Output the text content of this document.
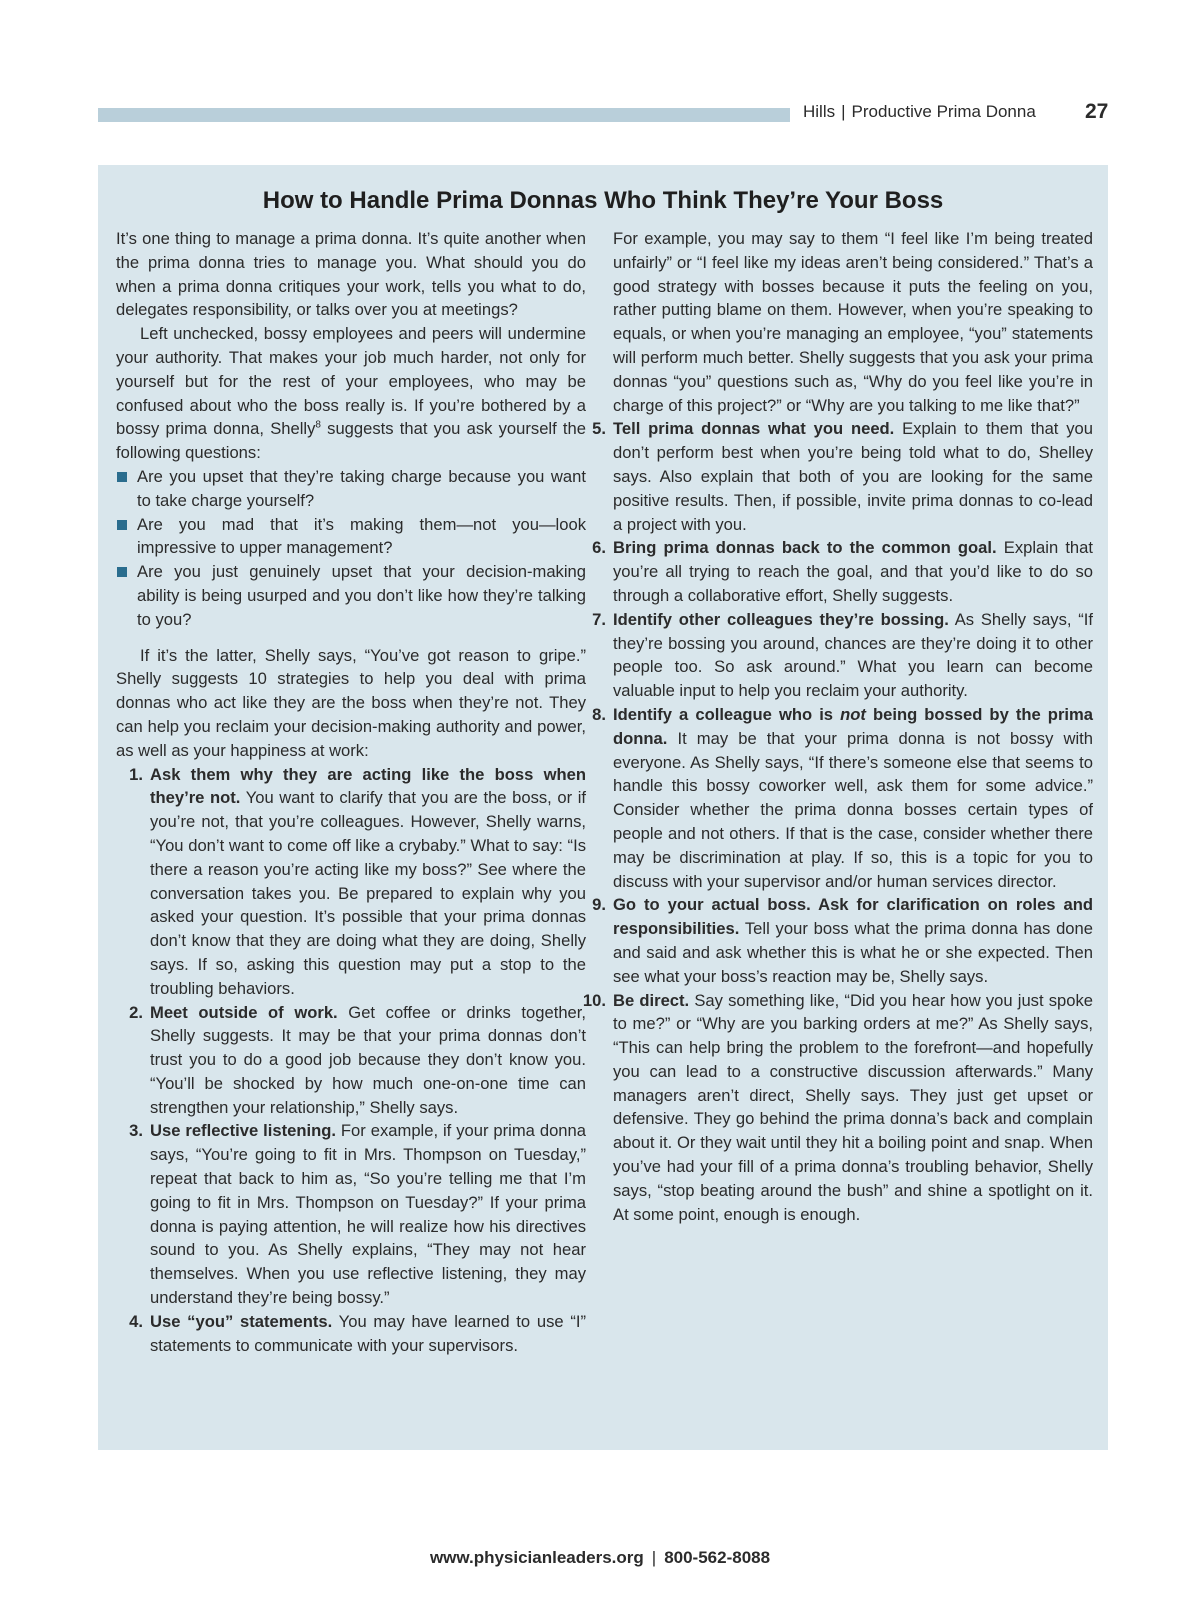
Hills | Productive Prima Donna 27
How to Handle Prima Donnas Who Think They’re Your Boss

It’s one thing to manage a prima donna. It’s quite another when the prima donna tries to manage you. What should you do when a prima donna critiques your work, tells you what to do, delegates responsibility, or talks over you at meetings?

Left unchecked, bossy employees and peers will undermine your authority. That makes your job much harder, not only for yourself but for the rest of your employees, who may be confused about who the boss really is. If you’re bothered by a bossy prima donna, Shelly$^8$ suggests that you ask yourself the following questions:

Are you upset that they’re taking charge because you want to take charge yourself?
Are you mad that it’s making them—not you—look impressive to upper management?
Are you just genuinely upset that your decision-making ability is being usurped and you don’t like how they’re talking to you?

If it’s the latter, Shelly says, “You’ve got reason to gripe.” Shelly suggests 10 strategies to help you deal with prima donnas who act like they are the boss when they’re not. They can help you reclaim your decision-making authority and power, as well as your happiness at work:

1. Ask them why they are acting like the boss when they’re not. You want to clarify that you are the boss, or if you’re not, that you’re colleagues. However, Shelly warns, “You don’t want to come off like a crybaby.” What to say: “Is there a reason you’re acting like my boss?” See where the conversation takes you. Be prepared to explain why you asked your question. It’s possible that your prima donnas don’t know that they are doing what they are doing, Shelly says. If so, asking this question may put a stop to the troubling behaviors.
2. Meet outside of work. Get coffee or drinks together, Shelly suggests. It may be that your prima donnas don’t trust you to do a good job because they don’t know you. “You’ll be shocked by how much one-on-one time can strengthen your relationship,” Shelly says.
3. Use reflective listening. For example, if your prima donna says, “You’re going to fit in Mrs. Thompson on Tuesday,” repeat that back to him as, “So you’re telling me that I’m going to fit in Mrs. Thompson on Tuesday?” If your prima donna is paying attention, he will realize how his directives sound to you. As Shelly explains, “They may not hear themselves. When you use reflective listening, they may understand they’re being bossy.”
4. Use “you” statements. You may have learned to use “I” statements to communicate with your supervisors.

For example, you may say to them “I feel like I’m being treated unfairly” or “I feel like my ideas aren’t being considered.” That’s a good strategy with bosses because it puts the feeling on you, rather putting blame on them. However, when you’re speaking to equals, or when you’re managing an employee, “you” statements will perform much better. Shelly suggests that you ask your prima donnas “you” questions such as, “Why do you feel like you’re in charge of this project?” or “Why are you talking to me like that?”

5. Tell prima donnas what you need. Explain to them that you don’t perform best when you’re being told what to do, Shelley says. Also explain that both of you are looking for the same positive results. Then, if possible, invite prima donnas to co-lead a project with you.
6. Bring prima donnas back to the common goal. Explain that you’re all trying to reach the goal, and that you’d like to do so through a collaborative effort, Shelly suggests.
7. Identify other colleagues they’re bossing. As Shelly says, “If they’re bossing you around, chances are they’re doing it to other people too. So ask around.” What you learn can become valuable input to help you reclaim your authority.
8. Identify a colleague who is not being bossed by the prima donna. It may be that your prima donna is not bossy with everyone. As Shelly says, “If there’s someone else that seems to handle this bossy coworker well, ask them for some advice.” Consider whether the prima donna bosses certain types of people and not others. If that is the case, consider whether there may be discrimination at play. If so, this is a topic for you to discuss with your supervisor and/or human services director.
9. Go to your actual boss. Ask for clarification on roles and responsibilities. Tell your boss what the prima donna has done and said and ask whether this is what he or she expected. Then see what your boss’s reaction may be, Shelly says.
10. Be direct. Say something like, “Did you hear how you just spoke to me?” or “Why are you barking orders at me?” As Shelly says, “This can help bring the problem to the forefront—and hopefully you can lead to a constructive discussion afterwards.” Many managers aren’t direct, Shelly says. They just get upset or defensive. They go behind the prima donna’s back and complain about it. Or they wait until they hit a boiling point and snap. When you’ve had your fill of a prima donna’s troubling behavior, Shelly says, “stop beating around the bush” and shine a spotlight on it. At some point, enough is enough.
www.physicianleaders.org | 800-562-8088
